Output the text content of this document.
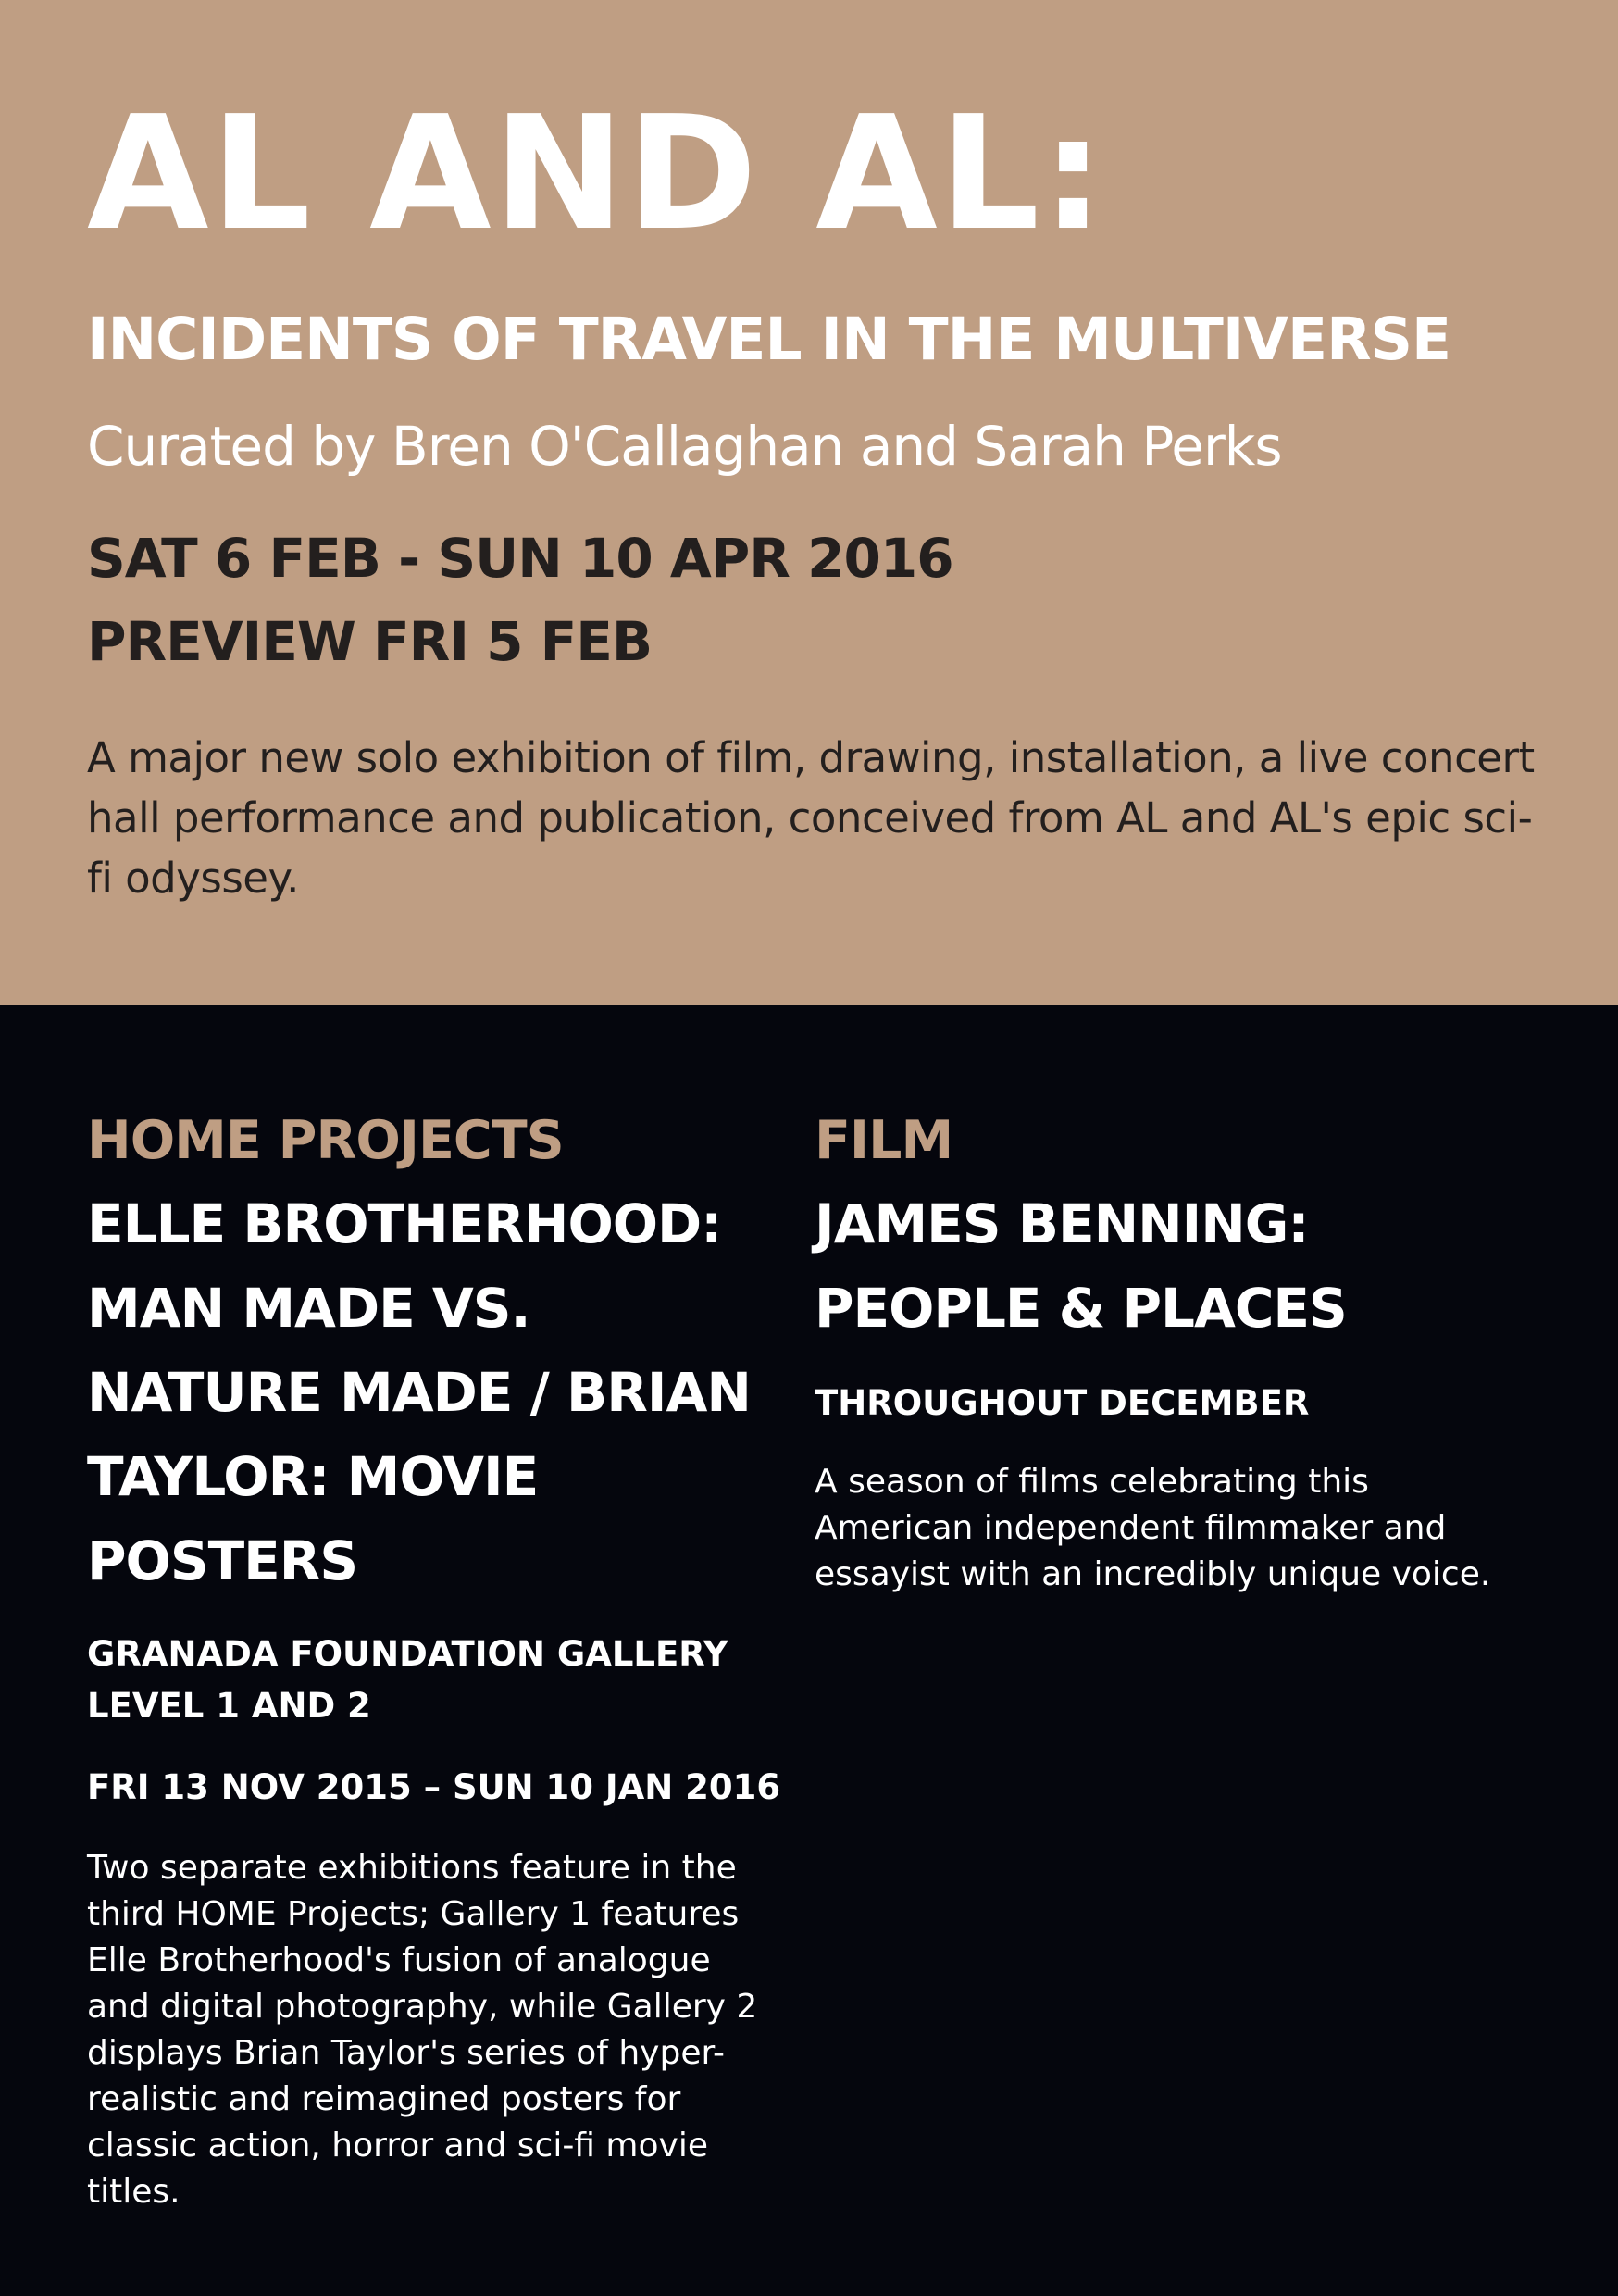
AL AND AL:
INCIDENTS OF TRAVEL IN THE MULTIVERSE

Curated by Bren O'Callaghan and Sarah Perks

SAT 6 FEB - SUN 10 APR 2016

PREVIEW FRI 5 FEB

A major new solo exhibition of film, drawing, installation, a live concert hall performance and publication, conceived from AL and AL's epic sci-fi odyssey.

HOME PROJECTS

ELLE BROTHERHOOD: MAN MADE VS. NATURE MADE / BRIAN TAYLOR: MOVIE POSTERS

GRANADA FOUNDATION GALLERY LEVEL 1 AND 2

FRI 13 NOV 2015 – SUN 10 JAN 2016

Two separate exhibitions feature in the third HOME Projects; Gallery 1 features Elle Brotherhood's fusion of analogue and digital photography, while Gallery 2 displays Brian Taylor's series of hyper-realistic and reimagined posters for classic action, horror and sci-fi movie titles.

FILM

JAMES BENNING: PEOPLE & PLACES

THROUGHOUT DECEMBER

A season of films celebrating this American independent filmmaker and essayist with an incredibly unique voice.
